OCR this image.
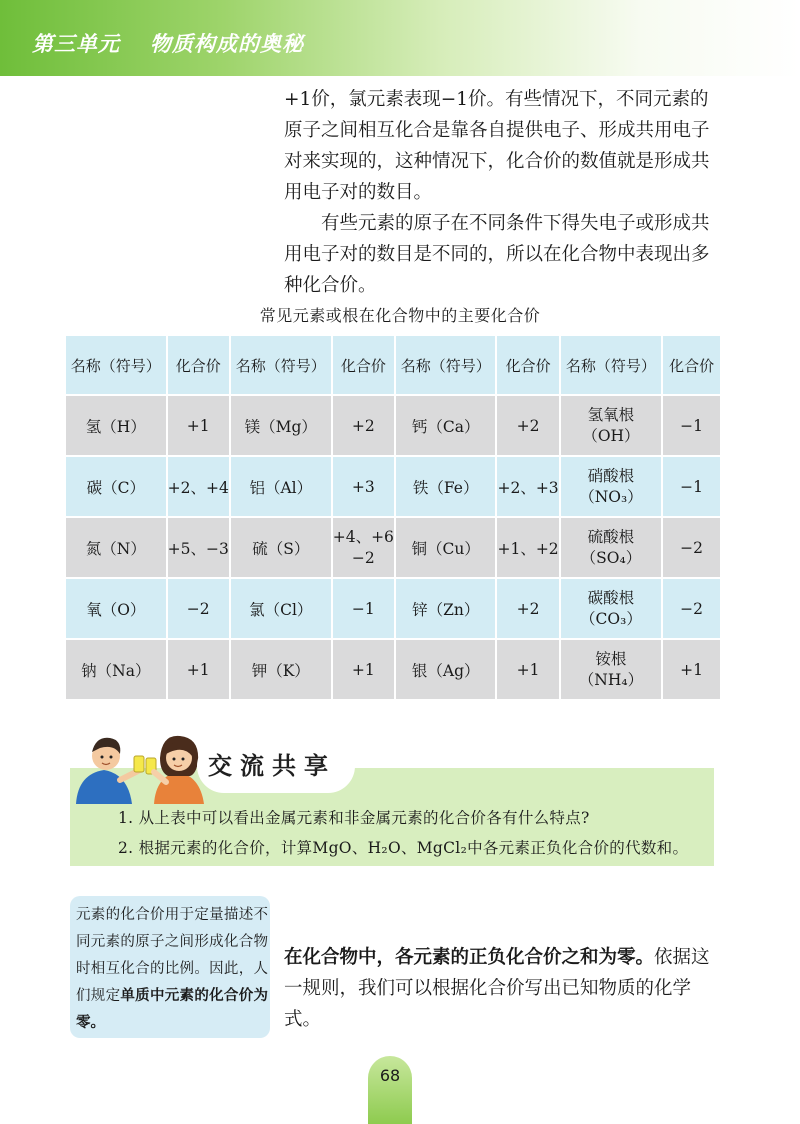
第三单元 物质构成的奥秘

+1价，氯元素表现−1价。有些情况下，不同元素的原子之间相互化合是靠各自提供电子、形成共用电子对来实现的，这种情况下，化合价的数值就是形成共用电子对的数目。

有些元素的原子在不同条件下得失电子或形成共用电子对的数目是不同的，所以在化合物中表现出多种化合价。

常见元素或根在化合物中的主要化合价
名称（符号）	化合价	名称（符号）	化合价	名称（符号）	化合价	名称（符号）	化合价
氢（H）	+1	镁（Mg）	+2	钙（Ca）	+2	氢氧根
（OH）	−1
碳（C）	+2、+4	铝（Al）	+3	铁（Fe）	+2、+3	硝酸根
（NO₃）	−1
氮（N）	+5、−3	硫（S）	+4、+6
−2	铜（Cu）	+1、+2	硫酸根
（SO₄）	−2
氧（O）	−2	氯（Cl）	−1	锌（Zn）	+2	碳酸根
（CO₃）	−2
钠（Na）	+1	钾（K）	+1	银（Ag）	+1	铵根
（NH₄）	+1
交流共享
1. 从上表中可以看出金属元素和非金属元素的化合价各有什么特点?
2. 根据元素的化合价，计算MgO、H₂O、MgCl₂中各元素正负化合价的代数和。
元素的化合价用于定量描述不同元素的原子之间形成化合物时相互化合的比例。因此，人们规定单质中元素的化合价为零。
在化合物中，各元素的正负化合价之和为零。依据这一规则，我们可以根据化合价写出已知物质的化学式。
68
